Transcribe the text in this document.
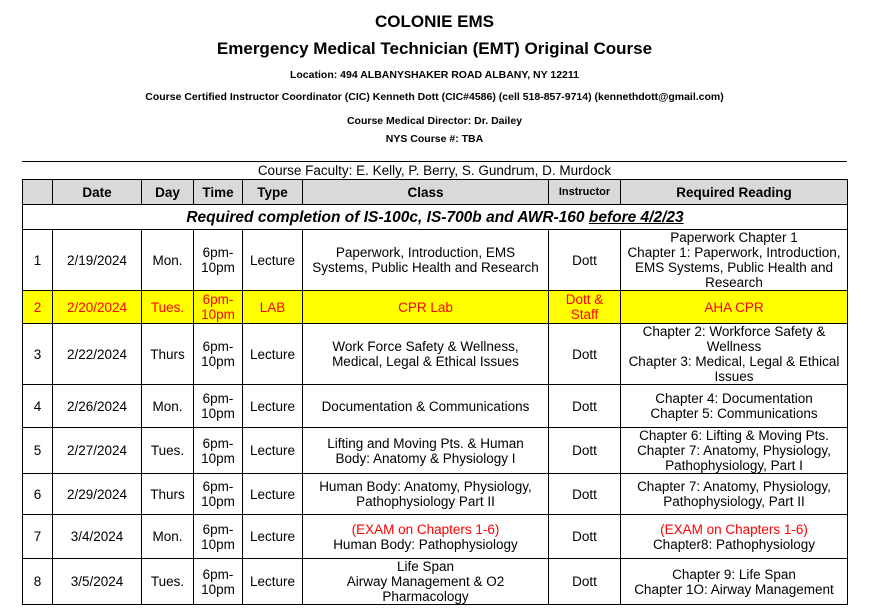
COLONIE EMS
Emergency Medical Technician (EMT) Original Course
Location: 494 ALBANYSHAKER ROAD ALBANY, NY 12211
Course Certified Instructor Coordinator (CIC) Kenneth Dott (CIC#4586) (cell 518-857-9714) (kennethdott@gmail.com)
Course Medical Director: Dr. Dailey
NYS Course #: TBA
Course Faculty: E. Kelly, P. Berry, S. Gundrum, D. Murdock
	Date	Day	Time	Type	Class	Instructor	Required Reading
Required completion of IS-100c, IS-700b and AWR-160 before 4/2/23							
1	2/19/2024	Mon.	6pm-
10pm	Lecture	Paperwork, Introduction, EMS
Systems, Public Health and Research	Dott	Paperwork Chapter 1
Chapter 1: Paperwork, Introduction,
EMS Systems, Public Health and
Research

2	2/20/2024	Tues.	6pm-
10pm	LAB	CPR Lab	Dott &
Staff	AHA CPR

3	2/22/2024	Thurs	6pm-
10pm	Lecture	Work Force Safety & Wellness,
Medical, Legal & Ethical Issues	Dott	Chapter 2: Workforce Safety &
Wellness
Chapter 3: Medical, Legal & Ethical
Issues

4	2/26/2024	Mon.	6pm-
10pm	Lecture	Documentation & Communications	Dott	Chapter 4: Documentation
Chapter 5: Communications

5	2/27/2024	Tues.	6pm-
10pm	Lecture	Lifting and Moving Pts. & Human
Body: Anatomy & Physiology I	Dott	Chapter 6: Lifting & Moving Pts.
Chapter 7: Anatomy, Physiology,
Pathophysiology, Part I

6	2/29/2024	Thurs	6pm-
10pm	Lecture	Human Body: Anatomy, Physiology,
Pathophysiology Part II	Dott	Chapter 7: Anatomy, Physiology,
Pathophysiology, Part II

7	3/4/2024	Mon.	6pm-
10pm	Lecture	(EXAM on Chapters 1-6)
Human Body: Pathophysiology	Dott	(EXAM on Chapters 1-6)
Chapter8: Pathophysiology

8	3/5/2024	Tues.	6pm-
10pm	Lecture	Life Span
Airway Management & O2
Pharmacology	Dott	Chapter 9: Life Span
Chapter 1O: Airway Management
